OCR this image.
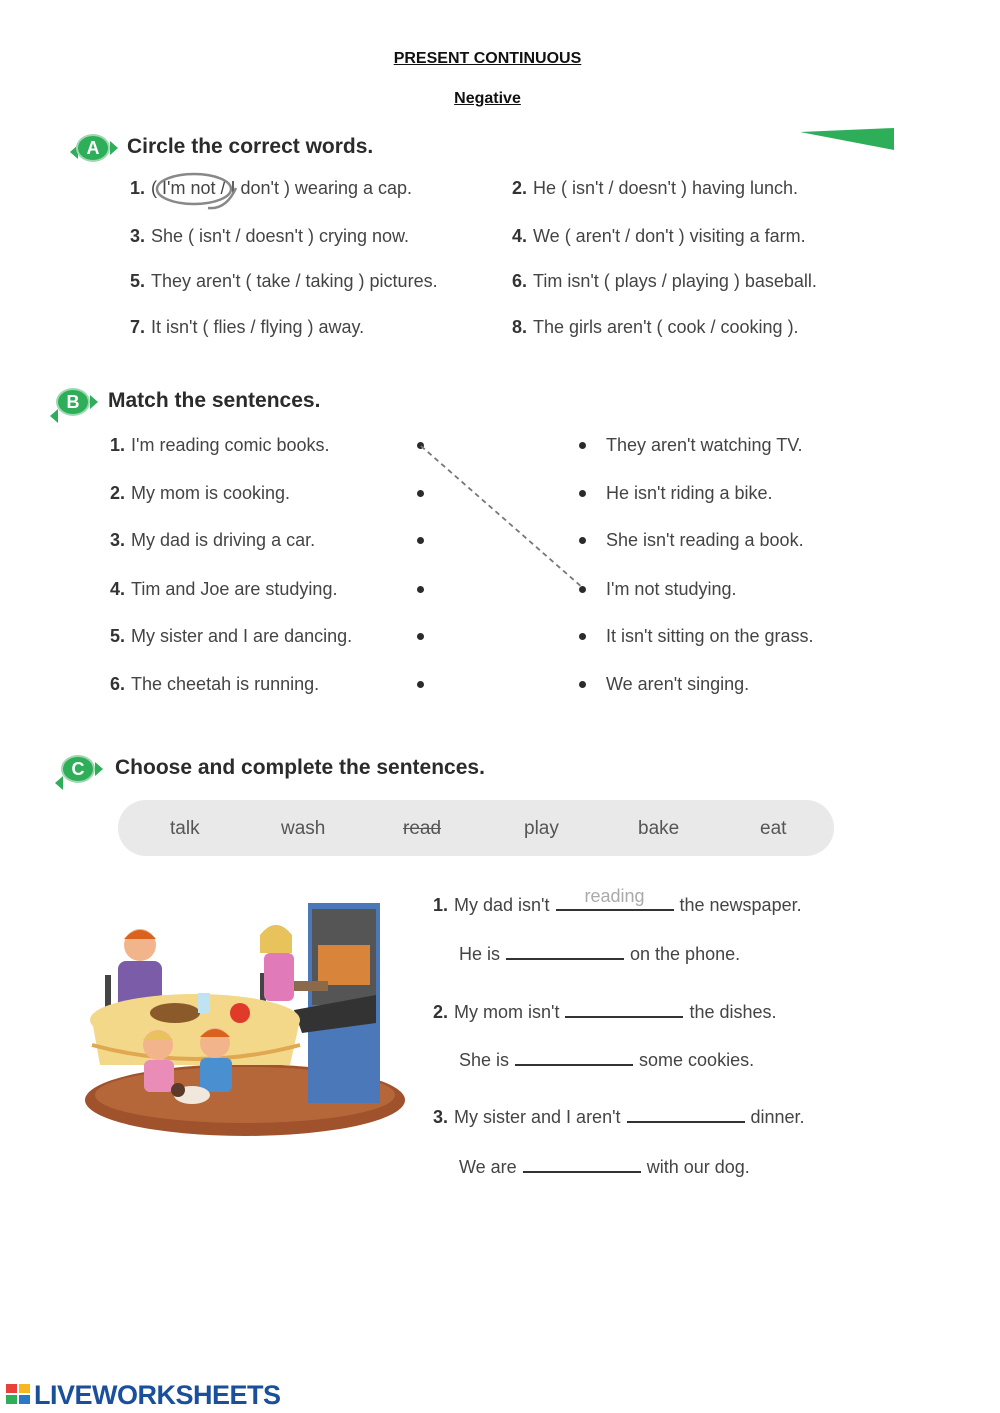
PRESENT CONTINUOUS
Negative
A	Circle the correct words.
1. ( I'm not / I don't ) wearing a cap.	2. He ( isn't / doesn't ) having lunch.
3. She ( isn't / doesn't ) crying now.	4. We ( aren't / don't ) visiting a farm.
5. They aren't ( take / taking ) pictures.	6. Tim isn't ( plays / playing ) baseball.
7. It isn't ( flies / flying ) away.	8. The girls aren't ( cook / cooking ).
B	Match the sentences.
1. I'm reading comic books.
2. My mom is cooking.
3. My dad is driving a car.
4. Tim and Joe are studying.
5. My sister and I are dancing.
6. The cheetah is running.
They aren't watching TV.
He isn't riding a bike.
She isn't reading a book.
I'm not studying.
It isn't sitting on the grass.
We aren't singing.
C	Choose and complete the sentences.
talk	wash	read	play	bake	eat
1. My dad isn't	reading	the newspaper.
He is	on the phone.
2. My mom isn't	the dishes.
She is	some cookies.
3. My sister and I aren't	dinner.
We are	with our dog.
LIVEWORKSHEETS
